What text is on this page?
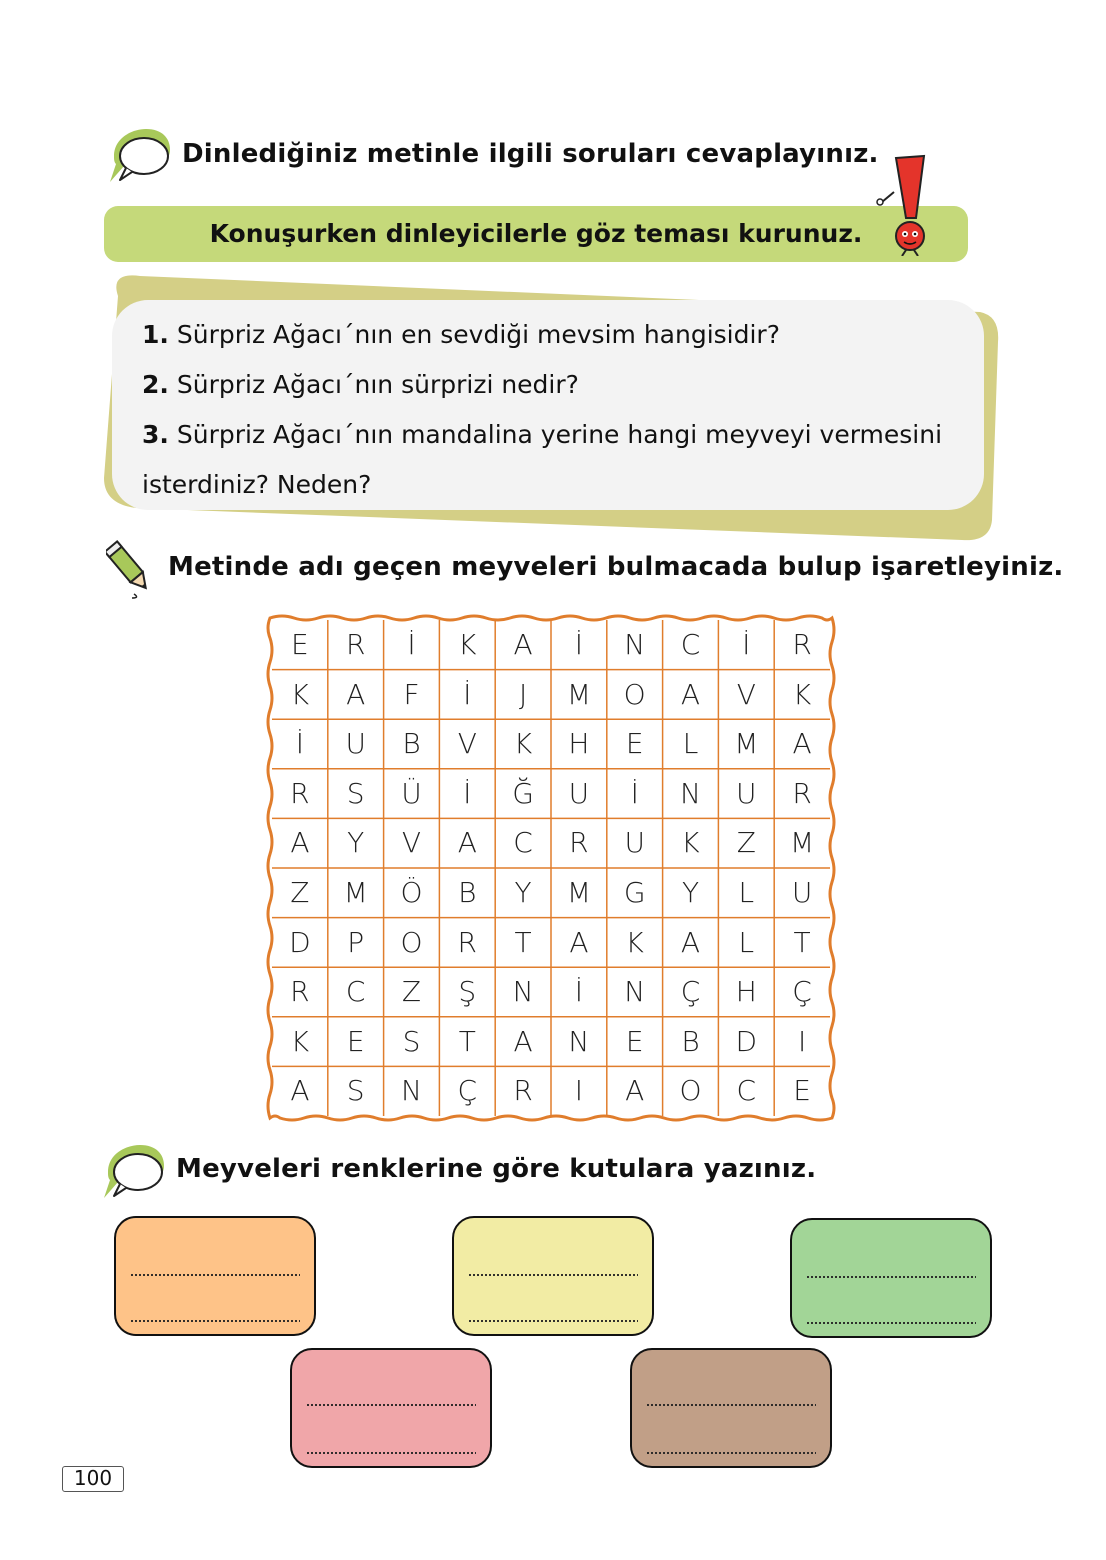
Dinlediğiniz metinle ilgili soruları cevaplayınız.
Konuşurken dinleyicilerle göz teması kurunuz.
1. Sürpriz Ağacı´nın en sevdiği mevsim hangisidir?
2. Sürpriz Ağacı´nın sürprizi nedir?
3. Sürpriz Ağacı´nın mandalina yerine hangi meyveyi vermesini
isterdiniz? Neden?
Metinde adı geçen meyveleri bulmacada bulup işaretleyiniz.
E	R	İ	K	A	İ	N	C	İ	R
K	A	F	İ	J	M	O	A	V	K
İ	U	B	V	K	H	E	L	M	A
R	S	Ü	İ	Ğ	U	İ	N	U	R
A	Y	V	A	C	R	U	K	Z	M
Z	M	Ö	B	Y	M	G	Y	L	U
D	P	O	R	T	A	K	A	L	T
R	C	Z	Ş	N	İ	N	Ç	H	Ç
K	E	S	T	A	N	E	B	D	I
A	S	N	Ç	R	I	A	O	C	E
Meyveleri renklerine göre kutulara yazınız.
100
